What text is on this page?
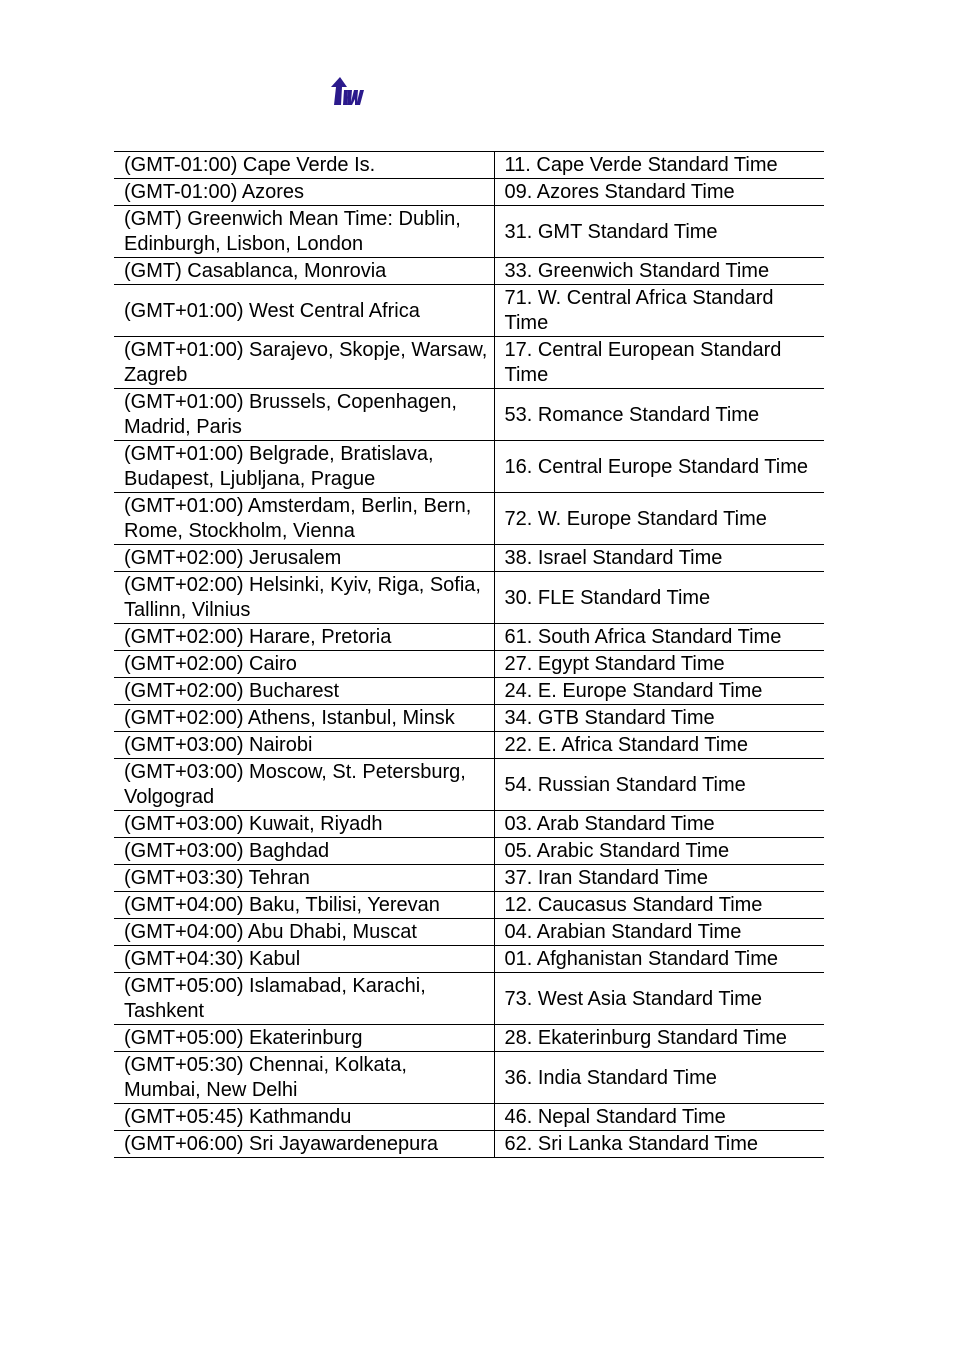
(GMT-01:00) Cape Verde Is.	11. Cape Verde Standard Time
(GMT-01:00) Azores	09. Azores Standard Time
(GMT) Greenwich Mean Time: Dublin, Edinburgh, Lisbon, London	31. GMT Standard Time
(GMT) Casablanca, Monrovia	33. Greenwich Standard Time
(GMT+01:00) West Central Africa	71. W. Central Africa Standard Time
(GMT+01:00) Sarajevo, Skopje, Warsaw, Zagreb	17. Central European Standard Time
(GMT+01:00) Brussels, Copenhagen, Madrid, Paris	53. Romance Standard Time
(GMT+01:00) Belgrade, Bratislava, Budapest, Ljubljana, Prague	16. Central Europe Standard Time
(GMT+01:00) Amsterdam, Berlin, Bern, Rome, Stockholm, Vienna	72. W. Europe Standard Time
(GMT+02:00) Jerusalem	38. Israel Standard Time
(GMT+02:00) Helsinki, Kyiv, Riga, Sofia, Tallinn, Vilnius	30. FLE Standard Time
(GMT+02:00) Harare, Pretoria	61. South Africa Standard Time
(GMT+02:00) Cairo	27. Egypt Standard Time
(GMT+02:00) Bucharest	24. E. Europe Standard Time
(GMT+02:00) Athens, Istanbul, Minsk	34. GTB Standard Time
(GMT+03:00) Nairobi	22. E. Africa Standard Time
(GMT+03:00) Moscow, St. Petersburg, Volgograd	54. Russian Standard Time
(GMT+03:00) Kuwait, Riyadh	03. Arab Standard Time
(GMT+03:00) Baghdad	05. Arabic Standard Time
(GMT+03:30) Tehran	37. Iran Standard Time
(GMT+04:00) Baku, Tbilisi, Yerevan	12. Caucasus Standard Time
(GMT+04:00) Abu Dhabi, Muscat	04. Arabian Standard Time
(GMT+04:30) Kabul	01. Afghanistan Standard Time
(GMT+05:00) Islamabad, Karachi, Tashkent	73. West Asia Standard Time
(GMT+05:00) Ekaterinburg	28. Ekaterinburg Standard Time
(GMT+05:30) Chennai, Kolkata, Mumbai, New Delhi	36. India Standard Time
(GMT+05:45) Kathmandu	46. Nepal Standard Time
(GMT+06:00) Sri Jayawardenepura	62. Sri Lanka Standard Time
